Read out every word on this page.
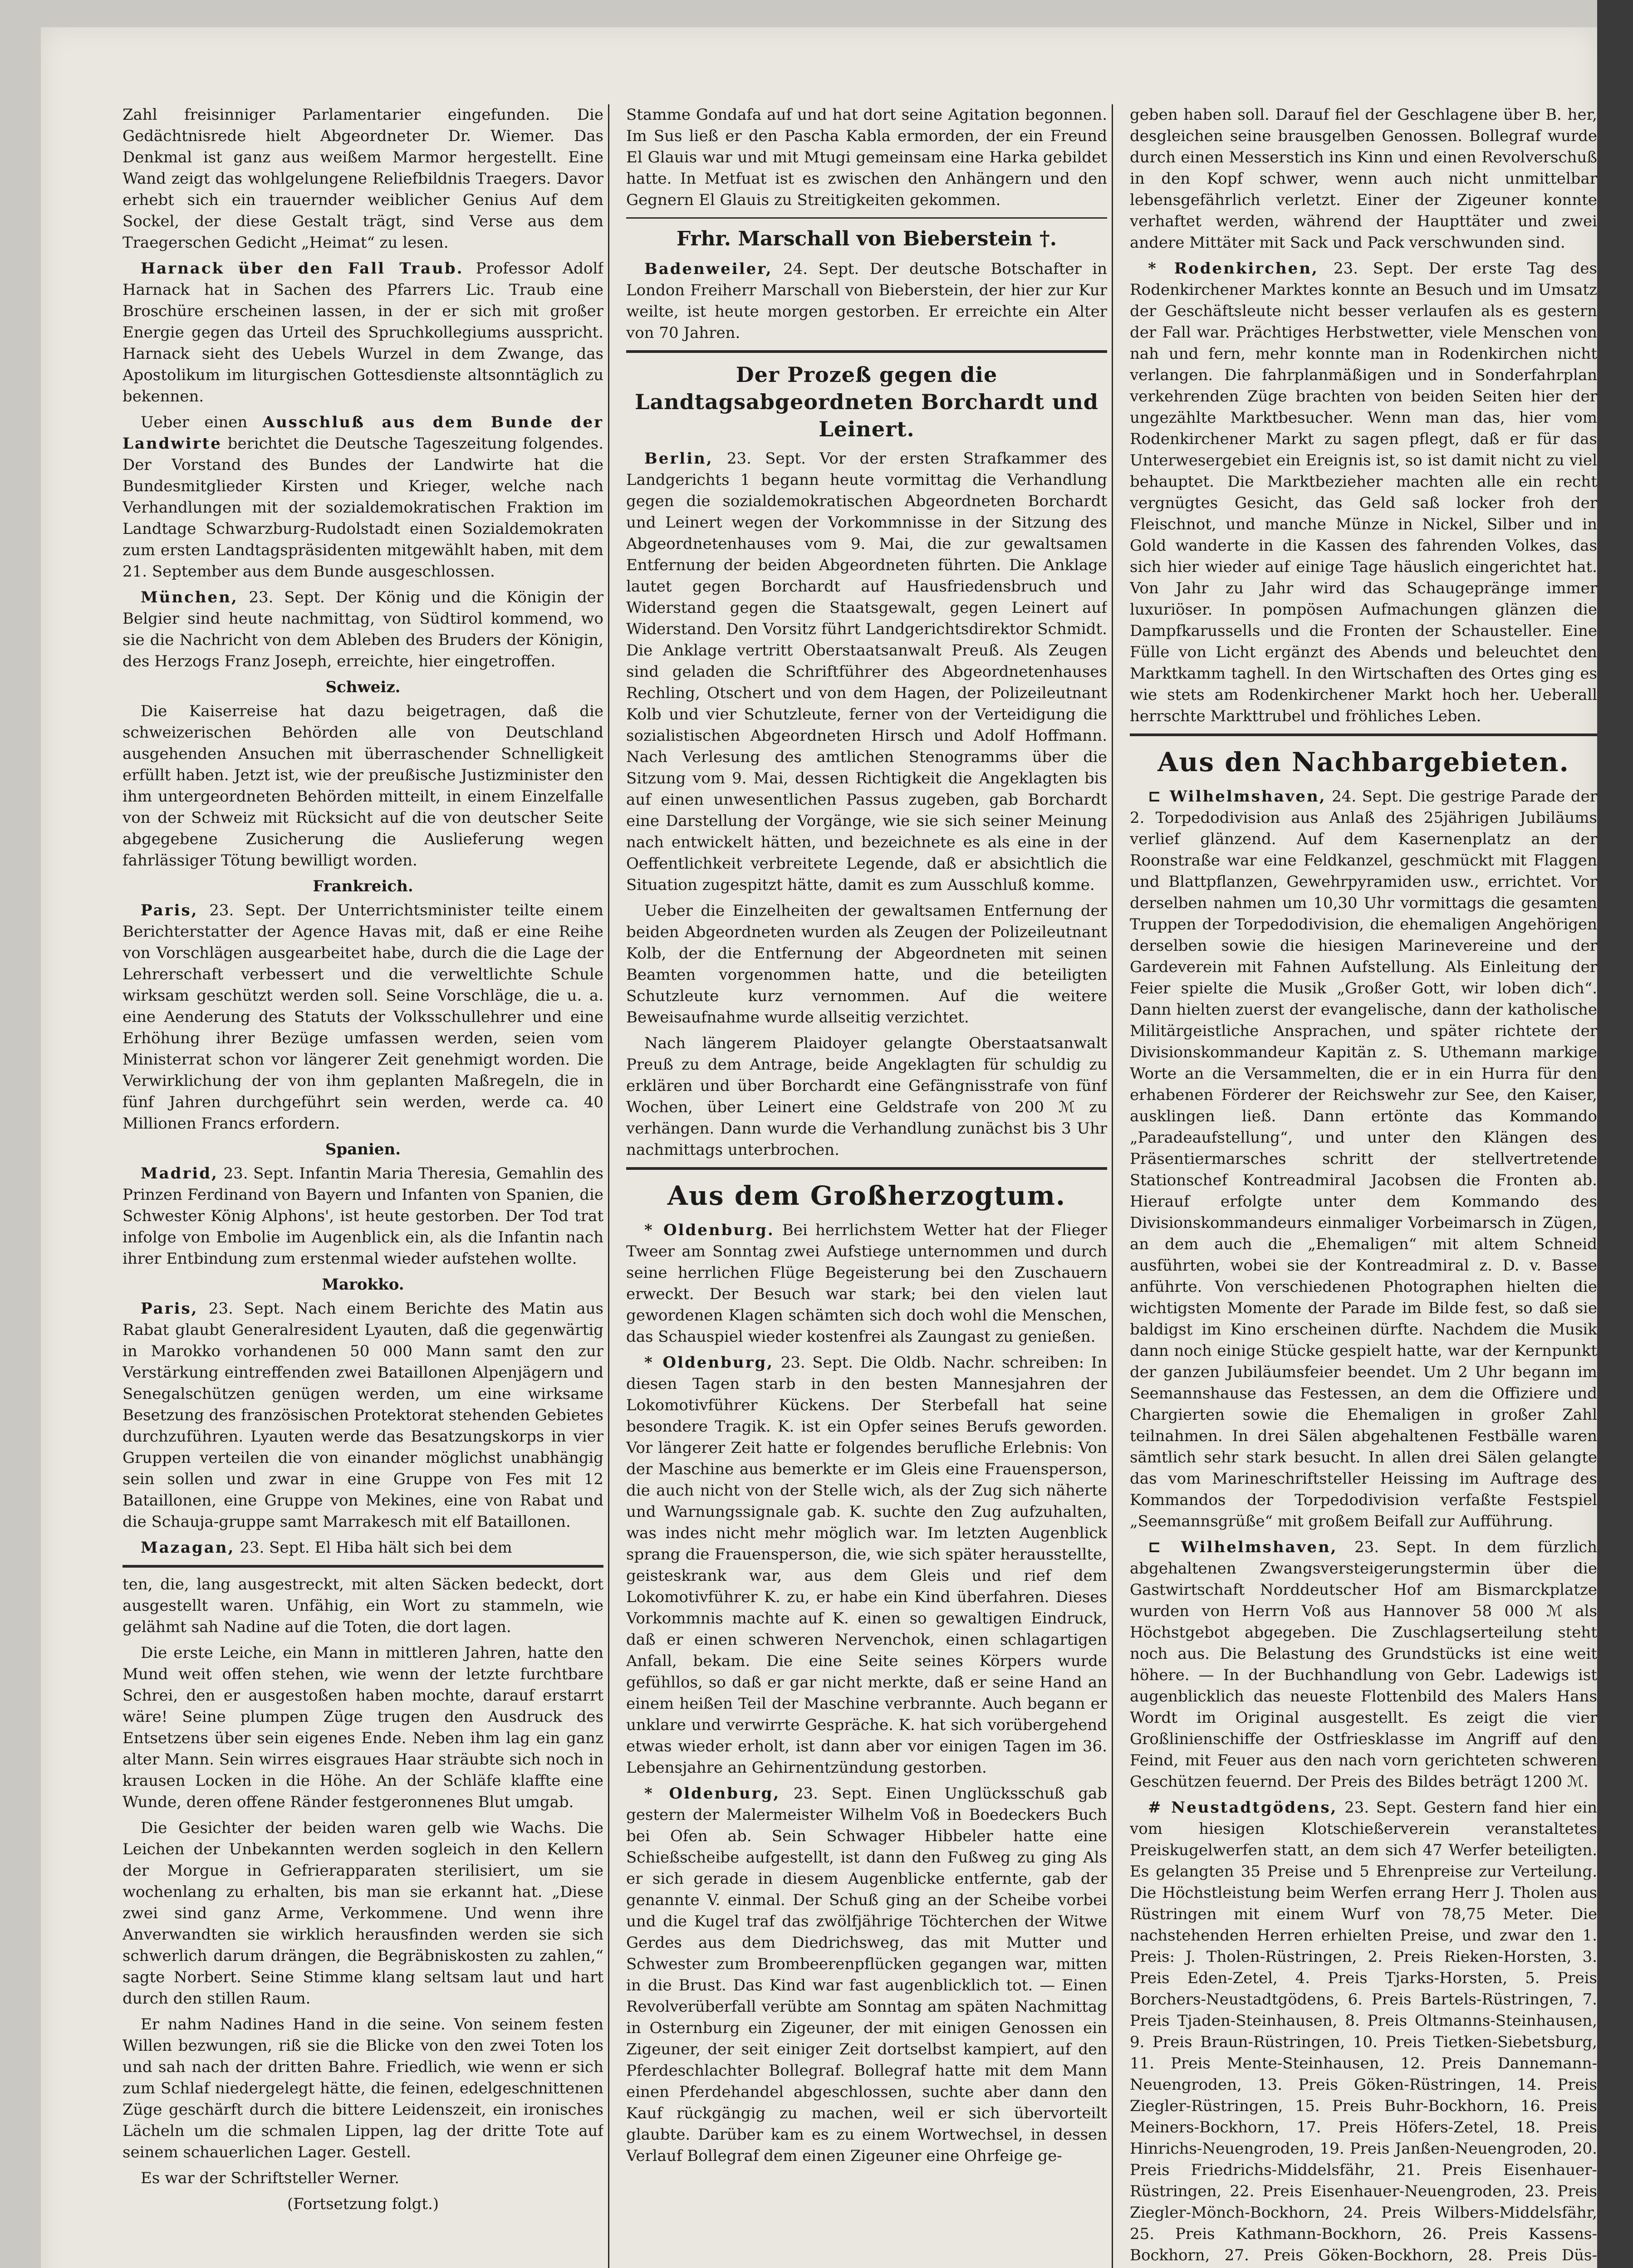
Zahl freisinniger Parlamentarier eingefunden. Die Gedächtnisrede hielt Abgeordneter Dr. Wiemer. Das Denkmal ist ganz aus weißem Marmor hergestellt. Eine Wand zeigt das wohlgelungene Reliefbildnis Traegers. Davor erhebt sich ein trauernder weiblicher Genius Auf dem Sockel, der diese Gestalt trägt, sind Verse aus dem Traegerschen Gedicht „Heimat“ zu lesen.

Harnack über den Fall Traub. Professor Adolf Harnack hat in Sachen des Pfarrers Lic. Traub eine Broschüre erscheinen lassen, in der er sich mit großer Energie gegen das Urteil des Spruchkollegiums ausspricht. Harnack sieht des Uebels Wurzel in dem Zwange, das Apostolikum im liturgischen Gottesdienste altsonntäglich zu bekennen.

Ueber einen Ausschluß aus dem Bunde der Landwirte berichtet die Deutsche Tageszeitung folgendes. Der Vorstand des Bundes der Landwirte hat die Bundesmitglieder Kirsten und Krieger, welche nach Verhandlungen mit der sozialdemokratischen Fraktion im Landtage Schwarzburg-Rudolstadt einen Sozialdemokraten zum ersten Landtagspräsidenten mitgewählt haben, mit dem 21. September aus dem Bunde ausgeschlossen.

München, 23. Sept. Der König und die Königin der Belgier sind heute nachmittag, von Südtirol kommend, wo sie die Nachricht von dem Ableben des Bruders der Königin, des Herzogs Franz Joseph, erreichte, hier eingetroffen.

Schweiz.

Die Kaiserreise hat dazu beigetragen, daß die schweizerischen Behörden alle von Deutschland ausgehenden Ansuchen mit überraschender Schnelligkeit erfüllt haben. Jetzt ist, wie der preußische Justizminister den ihm untergeordneten Behörden mitteilt, in einem Einzelfalle von der Schweiz mit Rücksicht auf die von deutscher Seite abgegebene Zusicherung die Auslieferung wegen fahrlässiger Tötung bewilligt worden.

Frankreich.

Paris, 23. Sept. Der Unterrichtsminister teilte einem Berichterstatter der Agence Havas mit, daß er eine Reihe von Vorschlägen ausgearbeitet habe, durch die die Lage der Lehrerschaft verbessert und die verweltlichte Schule wirksam geschützt werden soll. Seine Vorschläge, die u. a. eine Aenderung des Statuts der Volksschullehrer und eine Erhöhung ihrer Bezüge umfassen werden, seien vom Ministerrat schon vor längerer Zeit genehmigt worden. Die Verwirklichung der von ihm geplanten Maßregeln, die in fünf Jahren durchgeführt sein werden, werde ca. 40 Millionen Francs erfordern.

Spanien.

Madrid, 23. Sept. Infantin Maria Theresia, Gemahlin des Prinzen Ferdinand von Bayern und Infanten von Spanien, die Schwester König Alphons', ist heute gestorben. Der Tod trat infolge von Embolie im Augenblick ein, als die Infantin nach ihrer Entbindung zum erstenmal wieder aufstehen wollte.

Marokko.

Paris, 23. Sept. Nach einem Berichte des Matin aus Rabat glaubt Generalresident Lyauten, daß die gegenwärtig in Marokko vorhandenen 50 000 Mann samt den zur Verstärkung eintreffenden zwei Bataillonen Alpenjägern und Senegalschützen genügen werden, um eine wirksame Besetzung des französischen Protektorat stehenden Gebietes durchzuführen. Lyauten werde das Besatzungskorps in vier Gruppen verteilen die von einander möglichst unabhängig sein sollen und zwar in eine Gruppe von Fes mit 12 Bataillonen, eine Gruppe von Mekines, eine von Rabat und die Schauja-gruppe samt Marrakesch mit elf Bataillonen.

Mazagan, 23. Sept. El Hiba hält sich bei dem

ten, die, lang ausgestreckt, mit alten Säcken bedeckt, dort ausgestellt waren. Unfähig, ein Wort zu stammeln, wie gelähmt sah Nadine auf die Toten, die dort lagen.

Die erste Leiche, ein Mann in mittleren Jahren, hatte den Mund weit offen stehen, wie wenn der letzte furchtbare Schrei, den er ausgestoßen haben mochte, darauf erstarrt wäre! Seine plumpen Züge trugen den Ausdruck des Entsetzens über sein eigenes Ende. Neben ihm lag ein ganz alter Mann. Sein wirres eisgraues Haar sträubte sich noch in krausen Locken in die Höhe. An der Schläfe klaffte eine Wunde, deren offene Ränder festgeronnenes Blut umgab.

Die Gesichter der beiden waren gelb wie Wachs. Die Leichen der Unbekannten werden sogleich in den Kellern der Morgue in Gefrierapparaten sterilisiert, um sie wochenlang zu erhalten, bis man sie erkannt hat. „Diese zwei sind ganz Arme, Verkommene. Und wenn ihre Anverwandten sie wirklich herausfinden werden sie sich schwerlich darum drängen, die Begräbniskosten zu zahlen,“ sagte Norbert. Seine Stimme klang seltsam laut und hart durch den stillen Raum.

Er nahm Nadines Hand in die seine. Von seinem festen Willen bezwungen, riß sie die Blicke von den zwei Toten los und sah nach der dritten Bahre. Friedlich, wie wenn er sich zum Schlaf niedergelegt hätte, die feinen, edelgeschnittenen Züge geschärft durch die bittere Leidenszeit, ein ironisches Lächeln um die schmalen Lippen, lag der dritte Tote auf seinem schauerlichen Lager. Gestell.

Es war der Schriftsteller Werner.

(Fortsetzung folgt.)

Stamme Gondafa auf und hat dort seine Agitation begonnen. Im Sus ließ er den Pascha Kabla ermorden, der ein Freund El Glauis war und mit Mtugi gemeinsam eine Harka gebildet hatte. In Metfuat ist es zwischen den Anhängern und den Gegnern El Glauis zu Streitigkeiten gekommen.

Frhr. Marschall von Bieberstein †.

Badenweiler, 24. Sept. Der deutsche Botschafter in London Freiherr Marschall von Bieberstein, der hier zur Kur weilte, ist heute morgen gestorben. Er erreichte ein Alter von 70 Jahren.

Der Prozeß gegen die Landtagsabgeordneten Borchardt und Leinert.

Berlin, 23. Sept. Vor der ersten Strafkammer des Landgerichts 1 begann heute vormittag die Verhandlung gegen die sozialdemokratischen Abgeordneten Borchardt und Leinert wegen der Vorkommnisse in der Sitzung des Abgeordnetenhauses vom 9. Mai, die zur gewaltsamen Entfernung der beiden Abgeordneten führten. Die Anklage lautet gegen Borchardt auf Hausfriedensbruch und Widerstand gegen die Staatsgewalt, gegen Leinert auf Widerstand. Den Vorsitz führt Landgerichtsdirektor Schmidt. Die Anklage vertritt Oberstaatsanwalt Preuß. Als Zeugen sind geladen die Schriftführer des Abgeordnetenhauses Rechling, Otschert und von dem Hagen, der Polizeileutnant Kolb und vier Schutzleute, ferner von der Verteidigung die sozialistischen Abgeordneten Hirsch und Adolf Hoffmann. Nach Verlesung des amtlichen Stenogramms über die Sitzung vom 9. Mai, dessen Richtigkeit die Angeklagten bis auf einen unwesentlichen Passus zugeben, gab Borchardt eine Darstellung der Vorgänge, wie sie sich seiner Meinung nach entwickelt hätten, und bezeichnete es als eine in der Oeffentlichkeit verbreitete Legende, daß er absichtlich die Situation zugespitzt hätte, damit es zum Ausschluß komme.

Ueber die Einzelheiten der gewaltsamen Entfernung der beiden Abgeordneten wurden als Zeugen der Polizeileutnant Kolb, der die Entfernung der Abgeordneten mit seinen Beamten vorgenommen hatte, und die beteiligten Schutzleute kurz vernommen. Auf die weitere Beweisaufnahme wurde allseitig verzichtet.

Nach längerem Plaidoyer gelangte Oberstaatsanwalt Preuß zu dem Antrage, beide Angeklagten für schuldig zu erklären und über Borchardt eine Gefängnisstrafe von fünf Wochen, über Leinert eine Geldstrafe von 200 ℳ zu verhängen. Dann wurde die Verhandlung zunächst bis 3 Uhr nachmittags unterbrochen.

Aus dem Großherzogtum.

* Oldenburg. Bei herrlichstem Wetter hat der Flieger Tweer am Sonntag zwei Aufstiege unternommen und durch seine herrlichen Flüge Begeisterung bei den Zuschauern erweckt. Der Besuch war stark; bei den vielen laut gewordenen Klagen schämten sich doch wohl die Menschen, das Schauspiel wieder kostenfrei als Zaungast zu genießen.

* Oldenburg, 23. Sept. Die Oldb. Nachr. schreiben: In diesen Tagen starb in den besten Mannesjahren der Lokomotivführer Kückens. Der Sterbefall hat seine besondere Tragik. K. ist ein Opfer seines Berufs geworden. Vor längerer Zeit hatte er folgendes berufliche Erlebnis: Von der Maschine aus bemerkte er im Gleis eine Frauensperson, die auch nicht von der Stelle wich, als der Zug sich näherte und Warnungssignale gab. K. suchte den Zug aufzuhalten, was indes nicht mehr möglich war. Im letzten Augenblick sprang die Frauensperson, die, wie sich später herausstellte, geisteskrank war, aus dem Gleis und rief dem Lokomotivführer K. zu, er habe ein Kind überfahren. Dieses Vorkommnis machte auf K. einen so gewaltigen Eindruck, daß er einen schweren Nervenchok, einen schlagartigen Anfall, bekam. Die eine Seite seines Körpers wurde gefühllos, so daß er gar nicht merkte, daß er seine Hand an einem heißen Teil der Maschine verbrannte. Auch begann er unklare und verwirrte Gespräche. K. hat sich vorübergehend etwas wieder erholt, ist dann aber vor einigen Tagen im 36. Lebensjahre an Gehirnentzündung gestorben.

* Oldenburg, 23. Sept. Einen Unglücksschuß gab gestern der Malermeister Wilhelm Voß in Boedeckers Buch bei Ofen ab. Sein Schwager Hibbeler hatte eine Schießscheibe aufgestellt, ist dann den Fußweg zu ging Als er sich gerade in diesem Augenblicke entfernte, gab der genannte V. einmal. Der Schuß ging an der Scheibe vorbei und die Kugel traf das zwölfjährige Töchterchen der Witwe Gerdes aus dem Diedrichsweg, das mit Mutter und Schwester zum Brombeerenpflücken gegangen war, mitten in die Brust. Das Kind war fast augenblicklich tot. — Einen Revolverüberfall verübte am Sonntag am späten Nachmittag in Osternburg ein Zigeuner, der mit einigen Genossen ein Zigeuner, der seit einiger Zeit dortselbst kampiert, auf den Pferdeschlachter Bollegraf. Bollegraf hatte mit dem Mann einen Pferdehandel abgeschlossen, suchte aber dann den Kauf rückgängig zu machen, weil er sich übervorteilt glaubte. Darüber kam es zu einem Wortwechsel, in dessen Verlauf Bollegraf dem einen Zigeuner eine Ohrfeige ge-

geben haben soll. Darauf fiel der Geschlagene über B. her, desgleichen seine brausgelben Genossen. Bollegraf wurde durch einen Messerstich ins Kinn und einen Revolverschuß in den Kopf schwer, wenn auch nicht unmittelbar lebensgefährlich verletzt. Einer der Zigeuner konnte verhaftet werden, während der Haupttäter und zwei andere Mittäter mit Sack und Pack verschwunden sind.

* Rodenkirchen, 23. Sept. Der erste Tag des Rodenkirchener Marktes konnte an Besuch und im Umsatz der Geschäftsleute nicht besser verlaufen als es gestern der Fall war. Prächtiges Herbstwetter, viele Menschen von nah und fern, mehr konnte man in Rodenkirchen nicht verlangen. Die fahrplanmäßigen und in Sonderfahrplan verkehrenden Züge brachten von beiden Seiten hier der ungezählte Marktbesucher. Wenn man das, hier vom Rodenkirchener Markt zu sagen pflegt, daß er für das Unterwesergebiet ein Ereignis ist, so ist damit nicht zu viel behauptet. Die Marktbezieher machten alle ein recht vergnügtes Gesicht, das Geld saß locker froh der Fleischnot, und manche Münze in Nickel, Silber und in Gold wanderte in die Kassen des fahrenden Volkes, das sich hier wieder auf einige Tage häuslich eingerichtet hat. Von Jahr zu Jahr wird das Schaugepränge immer luxuriöser. In pompösen Aufmachungen glänzen die Dampfkarussells und die Fronten der Schausteller. Eine Fülle von Licht ergänzt des Abends und beleuchtet den Marktkamm taghell. In den Wirtschaften des Ortes ging es wie stets am Rodenkirchener Markt hoch her. Ueberall herrschte Markttrubel und fröhliches Leben.

Aus den Nachbargebieten.

⊏ Wilhelmshaven, 24. Sept. Die gestrige Parade der 2. Torpedodivision aus Anlaß des 25jährigen Jubiläums verlief glänzend. Auf dem Kasernenplatz an der Roonstraße war eine Feldkanzel, geschmückt mit Flaggen und Blattpflanzen, Gewehrpyramiden usw., errichtet. Vor derselben nahmen um 10,30 Uhr vormittags die gesamten Truppen der Torpedodivision, die ehemaligen Angehörigen derselben sowie die hiesigen Marinevereine und der Gardeverein mit Fahnen Aufstellung. Als Einleitung der Feier spielte die Musik „Großer Gott, wir loben dich“. Dann hielten zuerst der evangelische, dann der katholische Militärgeistliche Ansprachen, und später richtete der Divisionskommandeur Kapitän z. S. Uthemann markige Worte an die Versammelten, die er in ein Hurra für den erhabenen Förderer der Reichswehr zur See, den Kaiser, ausklingen ließ. Dann ertönte das Kommando „Paradeaufstellung“, und unter den Klängen des Präsentiermarsches schritt der stellvertretende Stationschef Kontreadmiral Jacobsen die Fronten ab. Hierauf erfolgte unter dem Kommando des Divisionskommandeurs einmaliger Vorbeimarsch in Zügen, an dem auch die „Ehemaligen“ mit altem Schneid ausführten, wobei sie der Kontreadmiral z. D. v. Basse anführte. Von verschiedenen Photographen hielten die wichtigsten Momente der Parade im Bilde fest, so daß sie baldigst im Kino erscheinen dürfte. Nachdem die Musik dann noch einige Stücke gespielt hatte, war der Kernpunkt der ganzen Jubiläumsfeier beendet. Um 2 Uhr begann im Seemannshause das Festessen, an dem die Offiziere und Chargierten sowie die Ehemaligen in großer Zahl teilnahmen. In drei Sälen abgehaltenen Festbälle waren sämtlich sehr stark besucht. In allen drei Sälen gelangte das vom Marineschriftsteller Heissing im Auftrage des Kommandos der Torpedodivision verfaßte Festspiel „Seemannsgrüße“ mit großem Beifall zur Aufführung.

⊏ Wilhelmshaven, 23. Sept. In dem fürzlich abgehaltenen Zwangsversteigerungstermin über die Gastwirtschaft Norddeutscher Hof am Bismarckplatze wurden von Herrn Voß aus Hannover 58 000 ℳ als Höchstgebot abgegeben. Die Zuschlagserteilung steht noch aus. Die Belastung des Grundstücks ist eine weit höhere. — In der Buchhandlung von Gebr. Ladewigs ist augenblicklich das neueste Flottenbild des Malers Hans Wordt im Original ausgestellt. Es zeigt die vier Großlinienschiffe der Ostfriesklasse im Angriff auf den Feind, mit Feuer aus den nach vorn gerichteten schweren Geschützen feuernd. Der Preis des Bildes beträgt 1200 ℳ.

# Neustadtgödens, 23. Sept. Gestern fand hier ein vom hiesigen Klotschießerverein veranstaltetes Preiskugelwerfen statt, an dem sich 47 Werfer beteiligten. Es gelangten 35 Preise und 5 Ehrenpreise zur Verteilung. Die Höchstleistung beim Werfen errang Herr J. Tholen aus Rüstringen mit einem Wurf von 78,75 Meter. Die nachstehenden Herren erhielten Preise, und zwar den 1. Preis: J. Tholen-Rüstringen, 2. Preis Rieken-Horsten, 3. Preis Eden-Zetel, 4. Preis Tjarks-Horsten, 5. Preis Borchers-Neustadtgödens, 6. Preis Bartels-Rüstringen, 7. Preis Tjaden-Steinhausen, 8. Preis Oltmanns-Steinhausen, 9. Preis Braun-Rüstringen, 10. Preis Tietken-Siebetsburg, 11. Preis Mente-Steinhausen, 12. Preis Dannemann-Neuengroden, 13. Preis Göken-Rüstringen, 14. Preis Ziegler-Rüstringen, 15. Preis Buhr-Bockhorn, 16. Preis Meiners-Bockhorn, 17. Preis Höfers-Zetel, 18. Preis Hinrichs-Neuengroden, 19. Preis Janßen-Neuengroden, 20. Preis Friedrichs-Middelsfähr, 21. Preis Eisenhauer-Rüstringen, 22. Preis Eisenhauer-Neuengroden, 23. Preis Ziegler-Mönch-Bockhorn, 24. Preis Wilbers-Middelsfähr, 25. Preis Kathmann-Bockhorn, 26. Preis Kassens-Bockhorn, 27. Preis Göken-Bockhorn, 28. Preis Düs-
